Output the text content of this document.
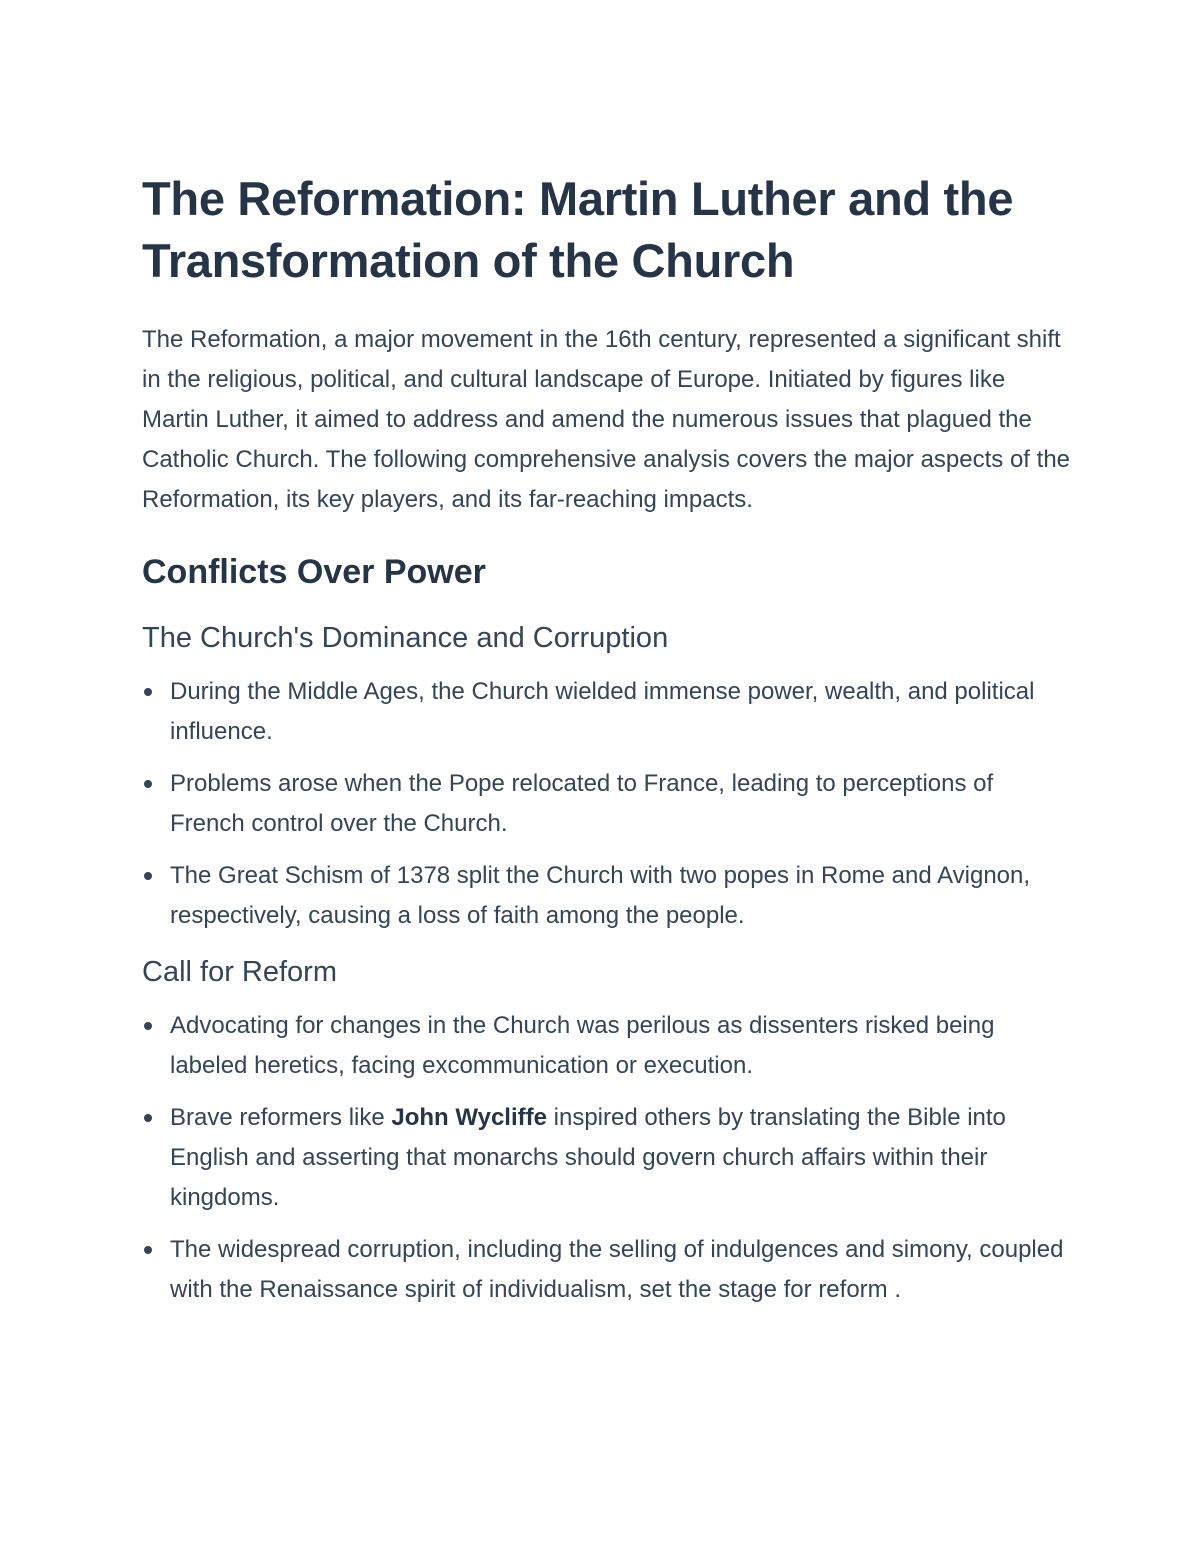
The Reformation: Martin Luther and the Transformation of the Church

The Reformation, a major movement in the 16th century, represented a significant shift in the religious, political, and cultural landscape of Europe. Initiated by figures like Martin Luther, it aimed to address and amend the numerous issues that plagued the Catholic Church. The following comprehensive analysis covers the major aspects of the Reformation, its key players, and its far-reaching impacts.

Conflicts Over Power
The Church's Dominance and Corruption
During the Middle Ages, the Church wielded immense power, wealth, and political influence.
Problems arose when the Pope relocated to France, leading to perceptions of French control over the Church.
The Great Schism of 1378 split the Church with two popes in Rome and Avignon, respectively, causing a loss of faith among the people.
Call for Reform
Advocating for changes in the Church was perilous as dissenters risked being labeled heretics, facing excommunication or execution.
Brave reformers like John Wycliffe inspired others by translating the Bible into English and asserting that monarchs should govern church affairs within their kingdoms.
The widespread corruption, including the selling of indulgences and simony, coupled with the Renaissance spirit of individualism, set the stage for reform .
